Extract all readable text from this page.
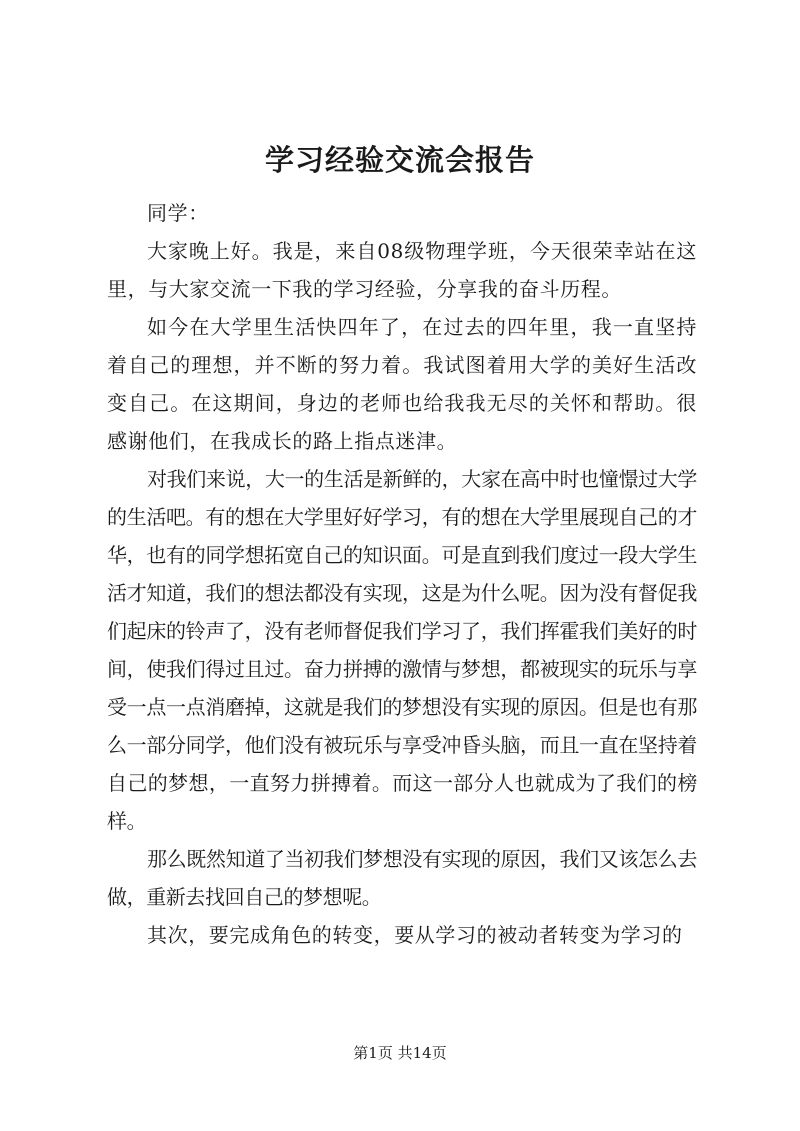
学习经验交流会报告

同学：

大家晚上好。我是，来自08级物理学班，今天很荣幸站在这里，与大家交流一下我的学习经验，分享我的奋斗历程。

如今在大学里生活快四年了，在过去的四年里，我一直坚持着自己的理想，并不断的努力着。我试图着用大学的美好生活改变自己。在这期间，身边的老师也给我我无尽的关怀和帮助。很感谢他们，在我成长的路上指点迷津。

对我们来说，大一的生活是新鲜的，大家在高中时也憧憬过大学的生活吧。有的想在大学里好好学习，有的想在大学里展现自己的才华，也有的同学想拓宽自己的知识面。可是直到我们度过一段大学生活才知道，我们的想法都没有实现，这是为什么呢。因为没有督促我们起床的铃声了，没有老师督促我们学习了，我们挥霍我们美好的时间，使我们得过且过。奋力拼搏的激情与梦想，都被现实的玩乐与享受一点一点消磨掉，这就是我们的梦想没有实现的原因。但是也有那么一部分同学，他们没有被玩乐与享受冲昏头脑，而且一直在坚持着自己的梦想，一直努力拼搏着。而这一部分人也就成为了我们的榜样。

那么既然知道了当初我们梦想没有实现的原因，我们又该怎么去做，重新去找回自己的梦想呢。

其次，要完成角色的转变，要从学习的被动者转变为学习的

第1页 共14页
